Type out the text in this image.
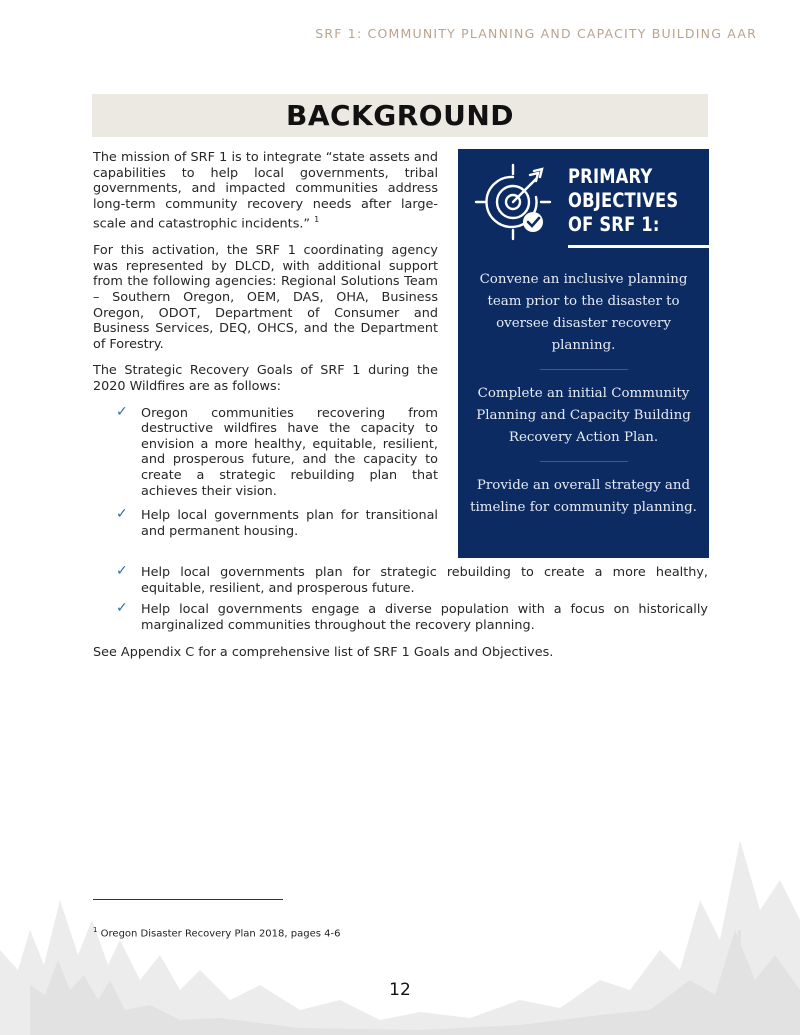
SRF 1: COMMUNITY PLANNING AND CAPACITY BUILDING AAR
BACKGROUND

The mission of SRF 1 is to integrate “state assets and capabilities to help local governments, tribal governments, and impacted communities address long-term community recovery needs after large-scale and catastrophic incidents.” $^1$

For this activation, the SRF 1 coordinating agency was represented by DLCD, with additional support from the following agencies: Regional Solutions Team – Southern Oregon, OEM, DAS, OHA, Business Oregon, ODOT, Department of Consumer and Business Services, DEQ, OHCS, and the Department of Forestry.

The Strategic Recovery Goals of SRF 1 during the 2020 Wildfires are as follows:

✓ Oregon communities recovering from destructive wildfires have the capacity to envision a more healthy, equitable, resilient, and prosperous future, and the capacity to create a strategic rebuilding plan that achieves their vision.
✓ Help local governments plan for transitional and permanent housing.
PRIMARY
OBJECTIVES
OF SRF 1:
Convene an inclusive planning team prior to the disaster to oversee disaster recovery planning.
Complete an initial Community Planning and Capacity Building Recovery Action Plan.
Provide an overall strategy and timeline for community planning.
✓ Help local governments plan for strategic rebuilding to create a more healthy, equitable, resilient, and prosperous future.
✓ Help local governments engage a diverse population with a focus on historically marginalized communities throughout the recovery planning.

See Appendix C for a comprehensive list of SRF 1 Goals and Objectives.

$^1$ Oregon Disaster Recovery Plan 2018, pages 4-6
12
